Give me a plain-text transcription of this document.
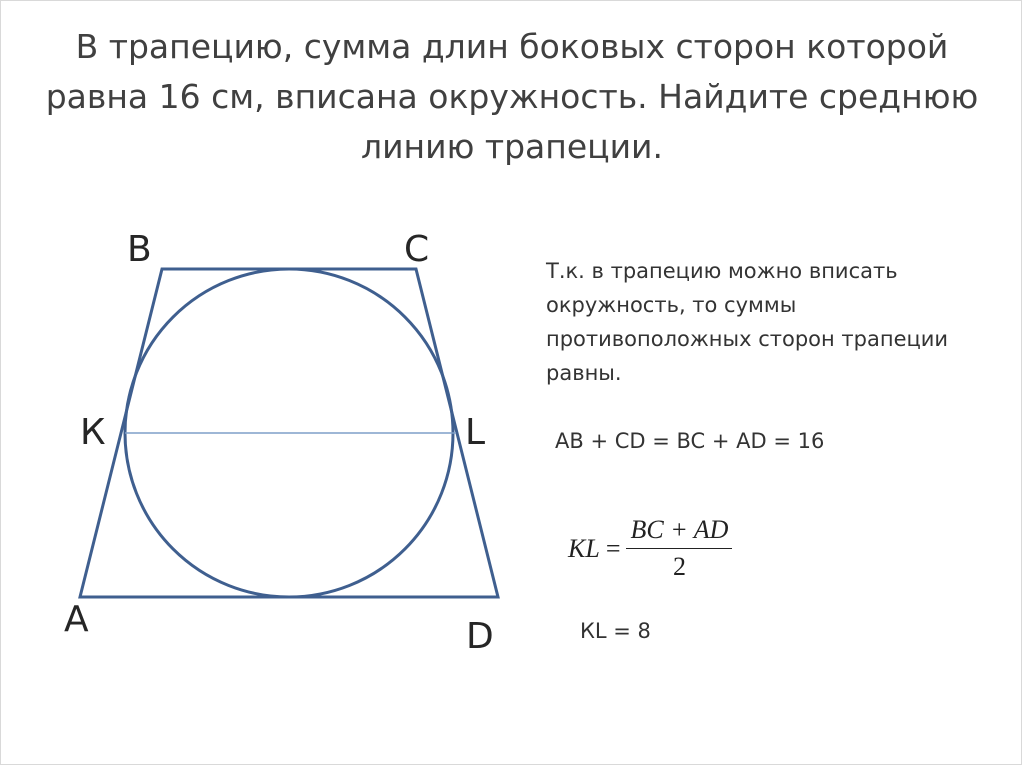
В трапецию, сумма длин боковых сторон которой
равна 16 см, вписана окружность. Найдите среднюю
линию трапеции.
B	C
К	L
A	D
Т.к. в трапецию можно вписать
окружность, то суммы
противоположных сторон трапеции
равны.
AB + CD = BC + AD = 16
KL = $\frac{BC + AD}{2}$
КL = 8
